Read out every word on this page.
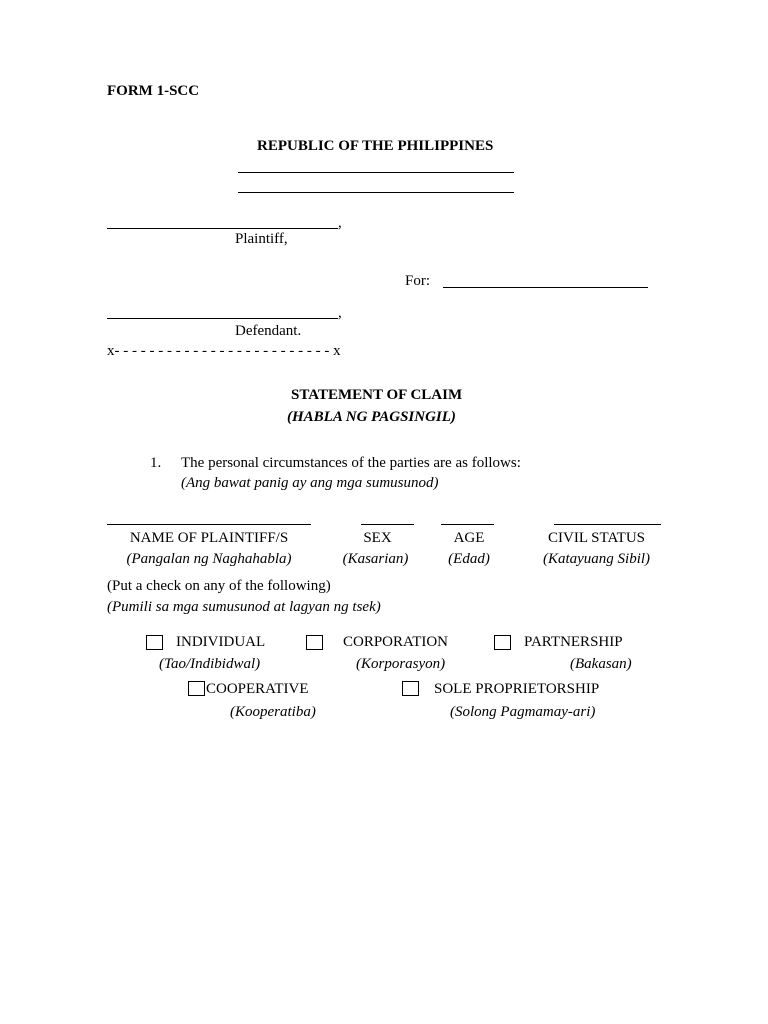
FORM 1-SCC
REPUBLIC OF THE PHILIPPINES
,
Plaintiff,
For:
,
Defendant.
x- - - - - - - - - - - - - - - - - - - - - - - - - x
STATEMENT OF CLAIM
(HABLA NG PAGSINGIL)
1. The personal circumstances of the parties are as follows:
(Ang bawat panig ay ang mga sumusunod)
NAME OF PLAINTIFF/S	SEX	AGE	CIVIL STATUS
(Pangalan ng Naghahabla)	(Kasarian)	(Edad)	(Katayuang Sibil)
(Put a check on any of the following)
(Pumili sa mga sumusunod at lagyan ng tsek)
INDIVIDUAL
(Tao/Indibidwal)
CORPORATION
(Korporasyon)
PARTNERSHIP
(Bakasan)
COOPERATIVE
(Kooperatiba)
SOLE PROPRIETORSHIP
(Solong Pagmamay-ari)
